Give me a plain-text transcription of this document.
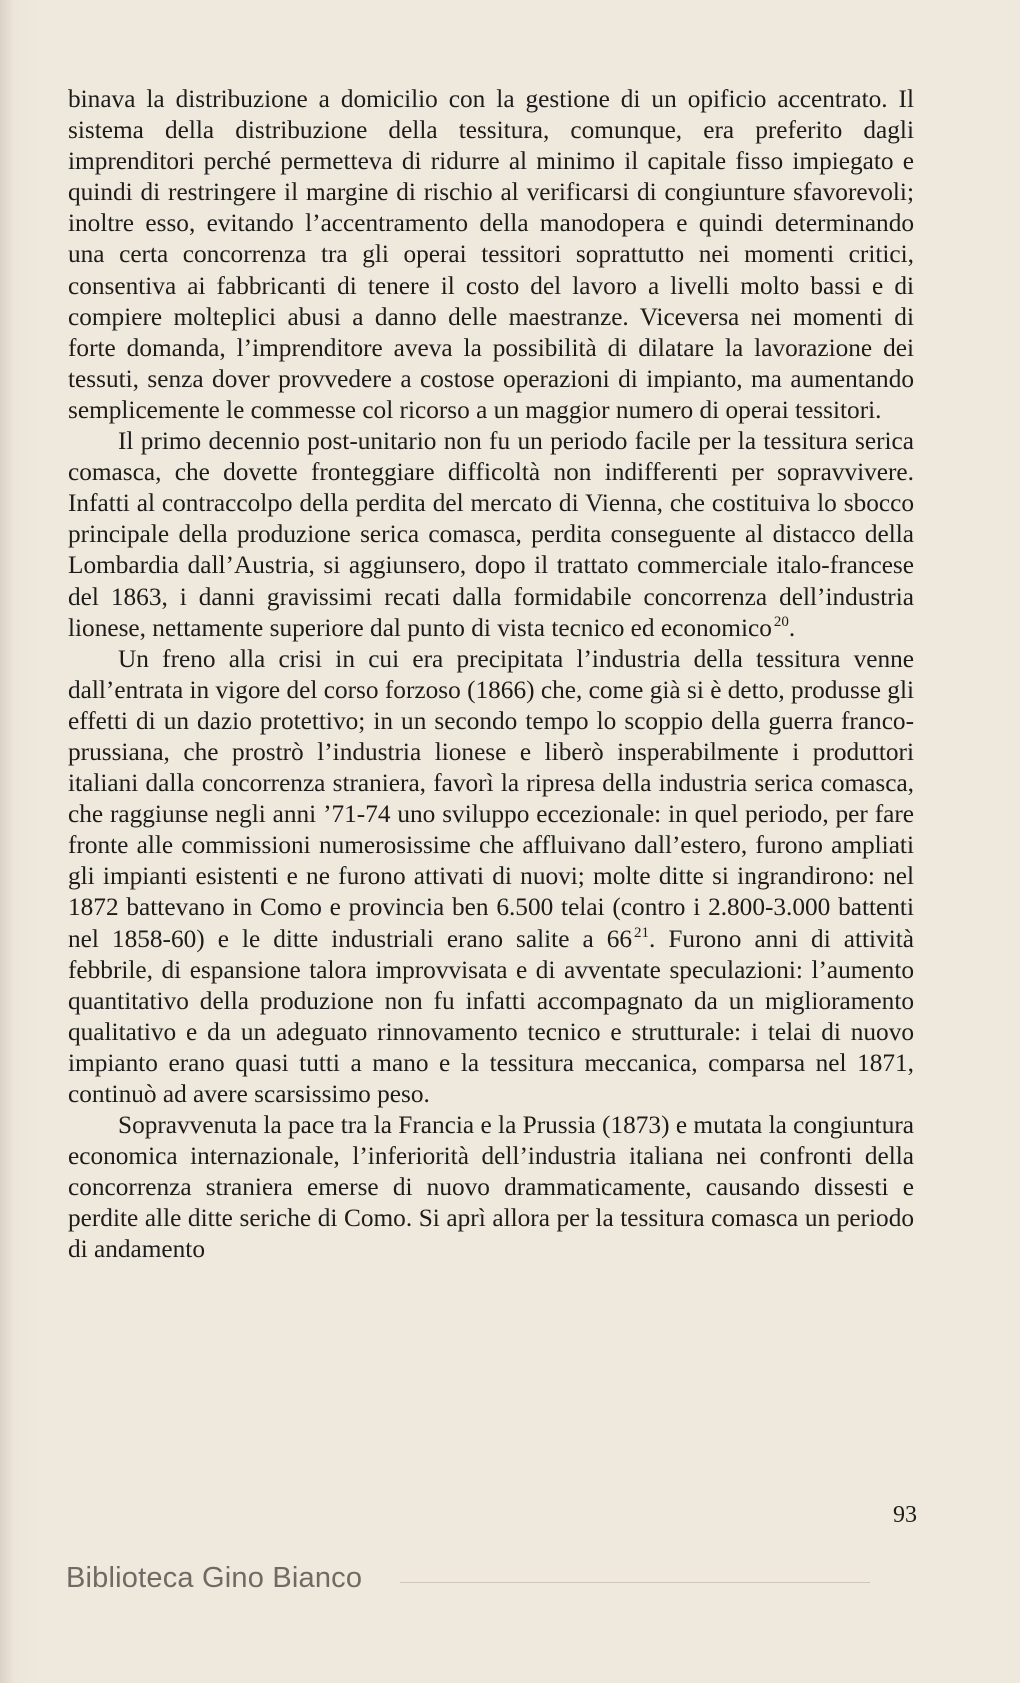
binava la distribuzione a domicilio con la gestione di un opificio accentrato. Il sistema della distribuzione della tessitura, comunque, era preferito dagli imprenditori perché permetteva di ridurre al minimo il capitale fisso impiegato e quindi di restringere il margine di rischio al verificarsi di congiunture sfavorevoli; inoltre esso, evitando l’accentramento della manodopera e quindi determinando una certa concorrenza tra gli operai tessitori soprattutto nei momenti critici, consentiva ai fabbricanti di tenere il costo del lavoro a livelli molto bassi e di compiere molteplici abusi a danno delle maestranze. Viceversa nei momenti di forte domanda, l’imprenditore aveva la possibilità di dilatare la lavorazione dei tessuti, senza dover provvedere a costose operazioni di impianto, ma aumentando semplicemente le commesse col ricorso a un maggior numero di operai tessitori.

Il primo decennio post-unitario non fu un periodo facile per la tessitura serica comasca, che dovette fronteggiare difficoltà non indifferenti per sopravvivere. Infatti al contraccolpo della perdita del mercato di Vienna, che costituiva lo sbocco principale della produzione serica comasca, perdita conseguente al distacco della Lombardia dall’Austria, si aggiunsero, dopo il trattato commerciale italo-francese del 1863, i danni gravissimi recati dalla formidabile concorrenza dell’industria lionese, nettamente superiore dal punto di vista tecnico ed economico $^{20}$.

Un freno alla crisi in cui era precipitata l’industria della tessitura venne dall’entrata in vigore del corso forzoso (1866) che, come già si è detto, produsse gli effetti di un dazio protettivo; in un secondo tempo lo scoppio della guerra franco-prussiana, che prostrò l’industria lionese e liberò insperabilmente i produttori italiani dalla concorrenza straniera, favorì la ripresa della industria serica comasca, che raggiunse negli anni ’71-74 uno sviluppo eccezionale: in quel periodo, per fare fronte alle commissioni numerosissime che affluivano dall’estero, furono ampliati gli impianti esistenti e ne furono attivati di nuovi; molte ditte si ingrandirono: nel 1872 battevano in Como e provincia ben 6.500 telai (contro i 2.800-3.000 battenti nel 1858-60) e le ditte industriali erano salite a 66 $^{21}$. Furono anni di attività febbrile, di espansione talora improvvisata e di avventate speculazioni: l’aumento quantitativo della produzione non fu infatti accompagnato da un miglioramento qualitativo e da un adeguato rinnovamento tecnico e strutturale: i telai di nuovo impianto erano quasi tutti a mano e la tessitura meccanica, comparsa nel 1871, continuò ad avere scarsissimo peso.

Sopravvenuta la pace tra la Francia e la Prussia (1873) e mutata la congiuntura economica internazionale, l’inferiorità dell’industria italiana nei confronti della concorrenza straniera emerse di nuovo drammaticamente, causando dissesti e perdite alle ditte seriche di Como. Si aprì allora per la tessitura comasca un periodo di andamento

93
Biblioteca Gino Bianco
